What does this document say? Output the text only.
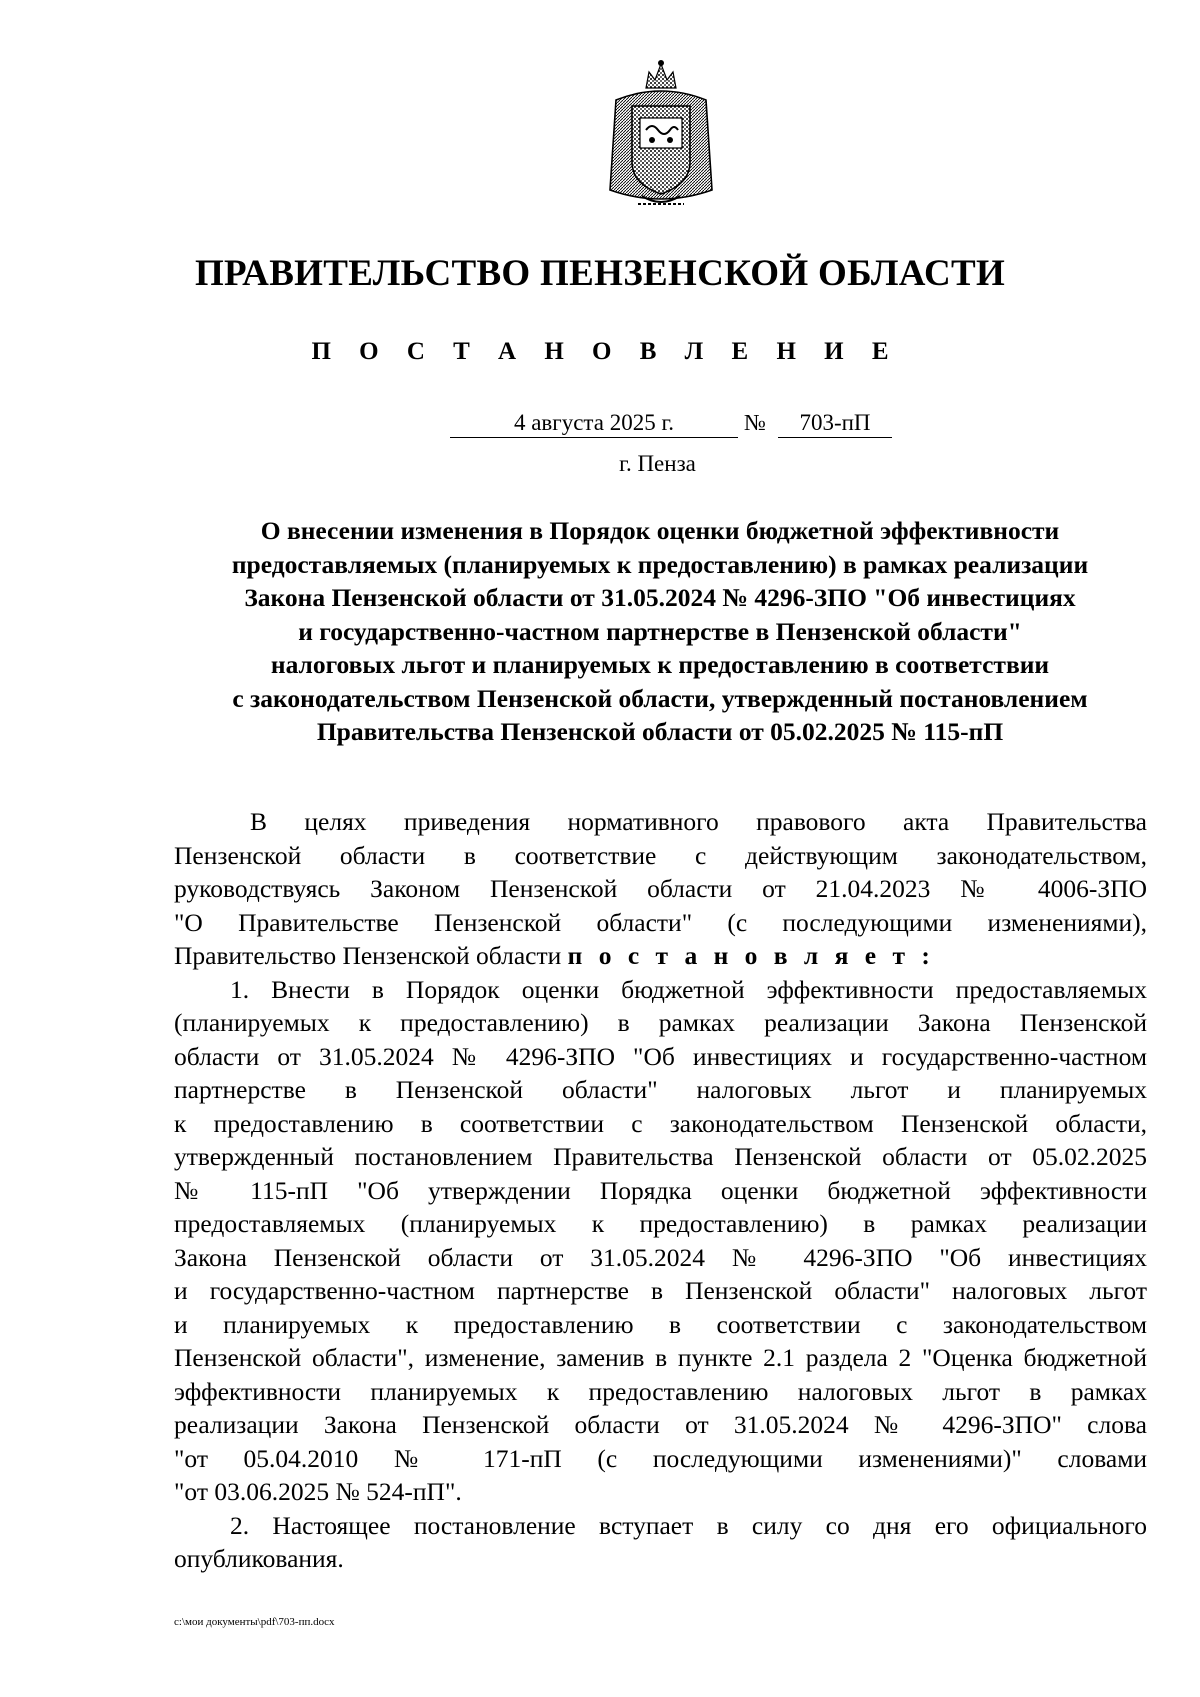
ПРАВИТЕЛЬСТВО ПЕНЗЕНСКОЙ ОБЛАСТИ
П О С Т А Н О В Л Е Н И Е
4 августа 2025 г.	№	703-пП
г. Пенза
О внесении изменения в Порядок оценки бюджетной эффективности
предоставляемых (планируемых к предоставлению) в рамках реализации
Закона Пензенской области от 31.05.2024 № 4296-ЗПО "Об инвестициях
и государственно-частном партнерстве в Пензенской области"
налоговых льгот и планируемых к предоставлению в соответствии
с законодательством Пензенской области, утвержденный постановлением
Правительства Пензенской области от 05.02.2025 № 115-пП
В целях приведения нормативного правового акта Правительства
Пензенской области в соответствие с действующим законодательством,
руководствуясь Законом Пензенской области от 21.04.2023 № 4006-ЗПО
"О Правительстве Пензенской области" (с последующими изменениями),
Правительство Пензенской области п о с т а н о в л я е т :
1. Внести в Порядок оценки бюджетной эффективности предоставляемых
(планируемых к предоставлению) в рамках реализации Закона Пензенской
области от 31.05.2024 № 4296-ЗПО "Об инвестициях и государственно-частном
партнерстве в Пензенской области" налоговых льгот и планируемых
к предоставлению в соответствии с законодательством Пензенской области,
утвержденный постановлением Правительства Пензенской области от 05.02.2025
№ 115-пП "Об утверждении Порядка оценки бюджетной эффективности
предоставляемых (планируемых к предоставлению) в рамках реализации
Закона Пензенской области от 31.05.2024 № 4296-ЗПО "Об инвестициях
и государственно-частном партнерстве в Пензенской области" налоговых льгот
и планируемых к предоставлению в соответствии с законодательством
Пензенской области", изменение, заменив в пункте 2.1 раздела 2 "Оценка бюджетной
эффективности планируемых к предоставлению налоговых льгот в рамках
реализации Закона Пензенской области от 31.05.2024 № 4296-ЗПО" слова
"от 05.04.2010 № 171-пП (с последующими изменениями)" словами
"от 03.06.2025 № 524-пП".
2. Настоящее постановление вступает в силу со дня его официального
опубликования.
c:\мои документы\pdf\703-пп.docx
